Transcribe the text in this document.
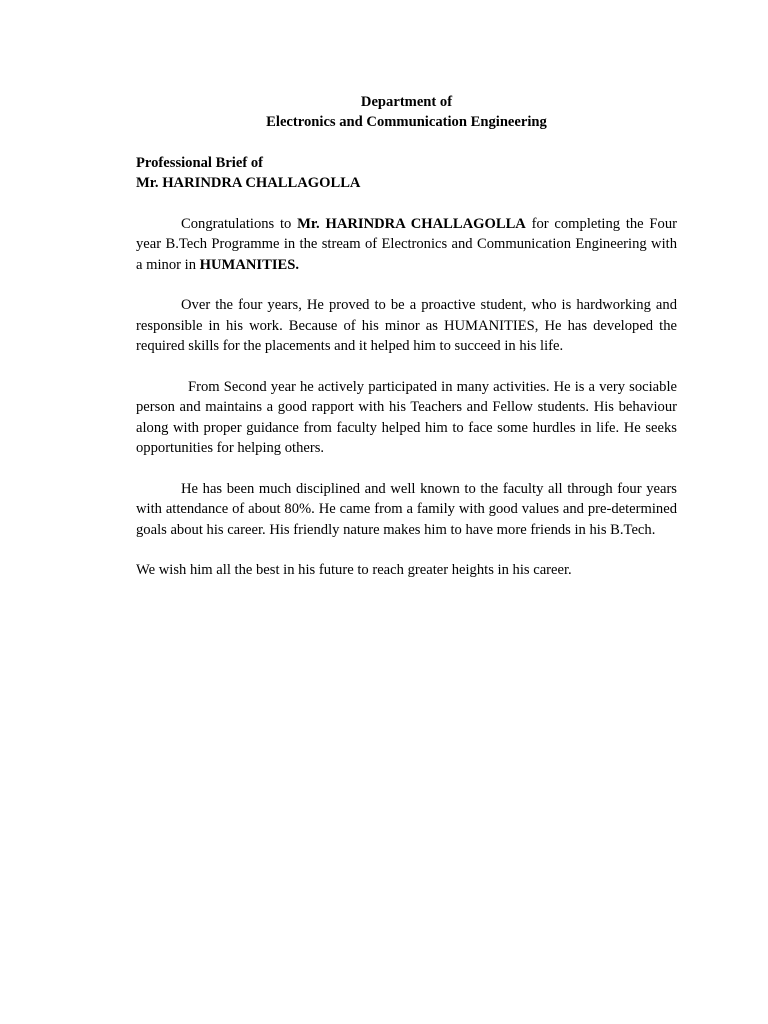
Department of

Electronics and Communication Engineering

Professional Brief of

Mr. HARINDRA CHALLAGOLLA

Congratulations to Mr. HARINDRA CHALLAGOLLA for completing the Four year B.Tech Programme in the stream of Electronics and Communication Engineering with a minor in HUMANITIES.

Over the four years, He proved to be a proactive student, who is hardworking and responsible in his work. Because of his minor as HUMANITIES, He has developed the required skills for the placements and it helped him to succeed in his life.

From Second year he actively participated in many activities. He is a very sociable person and maintains a good rapport with his Teachers and Fellow students. His behaviour along with proper guidance from faculty helped him to face some hurdles in life. He seeks opportunities for helping others.

He has been much disciplined and well known to the faculty all through four years with attendance of about 80%. He came from a family with good values and pre-determined goals about his career. His friendly nature makes him to have more friends in his B.Tech.

We wish him all the best in his future to reach greater heights in his career.
